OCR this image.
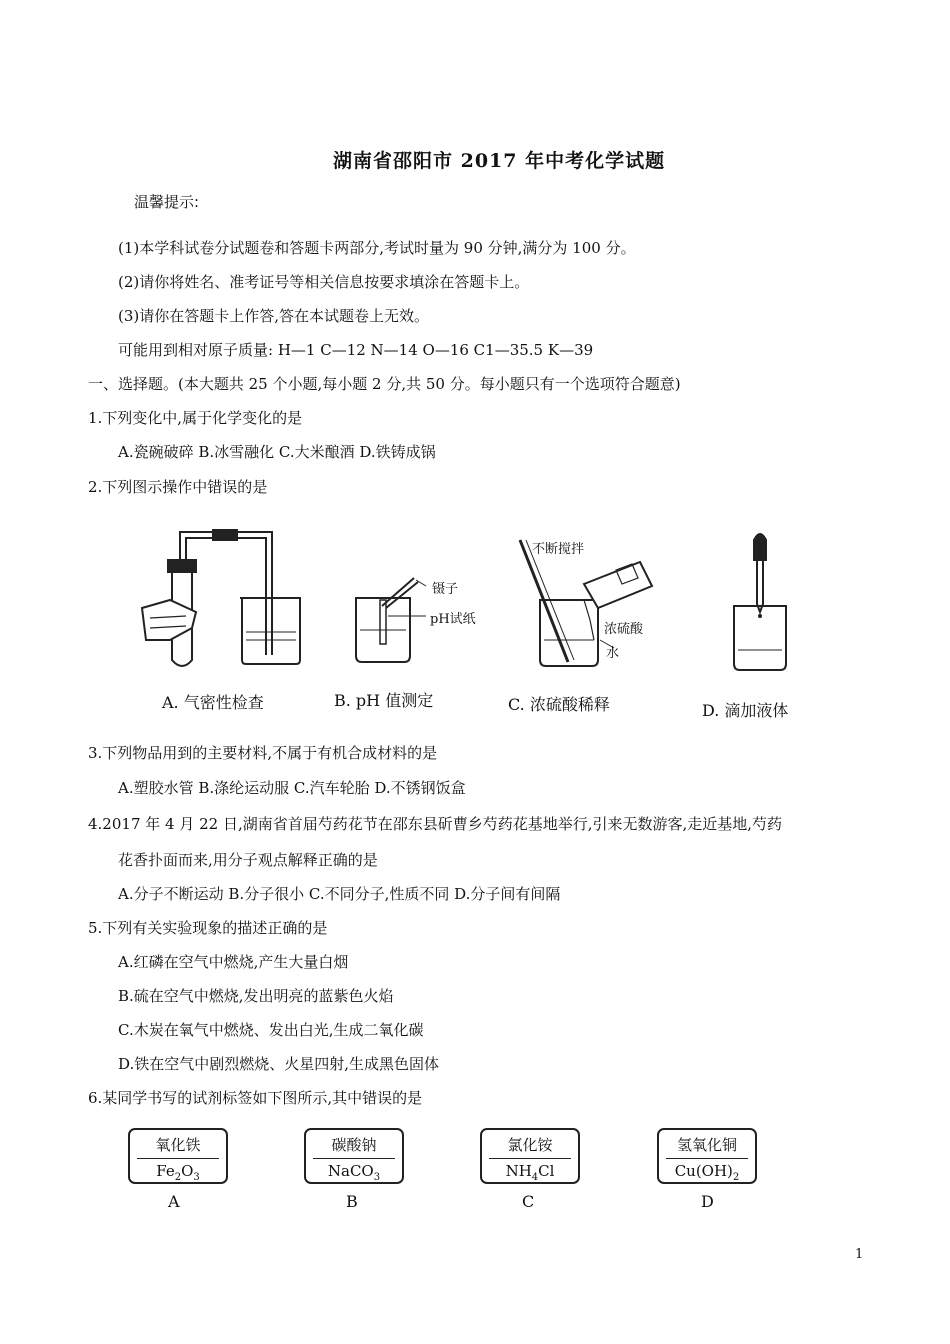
湖南省邵阳市 2017 年中考化学试题
温馨提示:
(1)本学科试卷分试题卷和答题卡两部分,考试时量为 90 分钟,满分为 100 分。
(2)请你将姓名、准考证号等相关信息按要求填涂在答题卡上。
(3)请你在答题卡上作答,答在本试题卷上无效。
可能用到相对原子质量: H—1 C—12 N—14 O—16 C1—35.5 K—39
一、选择题。(本大题共 25 个小题,每小题 2 分,共 50 分。每小题只有一个选项符合题意)
1.下列变化中,属于化学变化的是
A.瓷碗破碎 B.冰雪融化 C.大米酿酒 D.铁铸成锅
2.下列图示操作中错误的是
镊子
pH试纸
不断搅拌
浓硫酸
水
A. 气密性检查	B. pH 值测定	C. 浓硫酸稀释	D. 滴加液体
3.下列物品用到的主要材料,不属于有机合成材料的是
A.塑胶水管 B.涤纶运动服 C.汽车轮胎 D.不锈钢饭盒
4.2017 年 4 月 22 日,湖南省首届芍药花节在邵东县斫曹乡芍药花基地举行,引来无数游客,走近基地,芍药
花香扑面而来,用分子观点解释正确的是
A.分子不断运动 B.分子很小 C.不同分子,性质不同 D.分子间有间隔
5.下列有关实验现象的描述正确的是
A.红磷在空气中燃烧,产生大量白烟
B.硫在空气中燃烧,发出明亮的蓝紫色火焰
C.木炭在氧气中燃烧、发出白光,生成二氧化碳
D.铁在空气中剧烈燃烧、火星四射,生成黑色固体
6.某同学书写的试剂标签如下图所示,其中错误的是
氧化铁
$Fe_2O_3$
A
碳酸钠
NaCO$_3$
B
氯化铵
$NH_4Cl$
C
氢氧化铜
$Cu(OH)_2$
D
1
